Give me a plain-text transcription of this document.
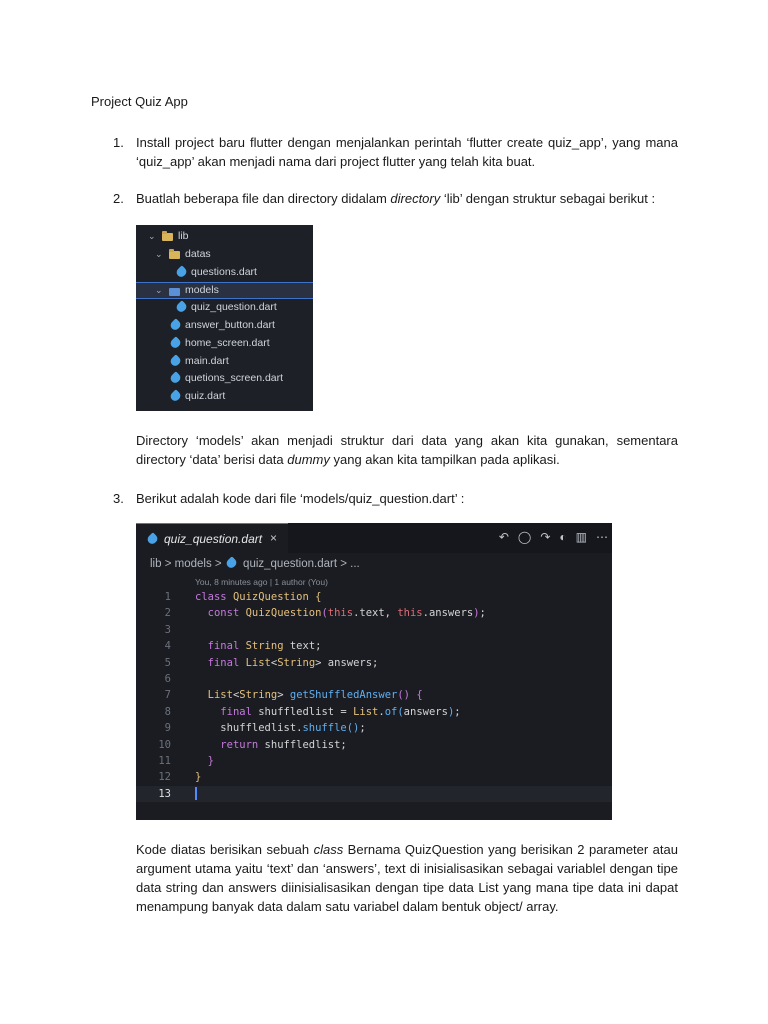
Project Quiz App
1. Install project baru flutter dengan menjalankan perintah ‘flutter create quiz_app’, yang mana ‘quiz_app’ akan menjadi nama dari project flutter yang telah kita buat.
2. Buatlah beberapa file dan directory didalam directory ‘lib’ dengan struktur sebagai berikut :
⌄ lib
⌄ datas
questions.dart
⌄ models
quiz_question.dart
answer_button.dart
home_screen.dart
main.dart
quetions_screen.dart
quiz.dart
Directory ‘models’ akan menjadi struktur dari data yang akan kita gunakan, sementara directory ‘data’ berisi data dummy yang akan kita tampilkan pada aplikasi.
3. Berikut adalah kode dari file ‘models/quiz_question.dart’ :
quiz_question.dart ×	↶ ◯ ↷ ◐ ▥ ⋯
lib > models > quiz_question.dart > ...
You, 8 minutes ago | 1 author (You)
1 class QuizQuestion {
2	const QuizQuestion(this.text, this.answers);
3
4	final String text;
5	final List<String> answers;
6
7	List<String> getShuffledAnswer() {
8	final shuffledlist = List.of(answers);
9 shuffledlist.shuffle();
10	return shuffledlist;
11	}
12 }
13
Kode diatas berisikan sebuah class Bernama QuizQuestion yang berisikan 2 parameter atau argument utama yaitu ‘text’ dan ‘answers’, text di inisialisasikan sebagai variablel dengan tipe data string dan answers diinisialisasikan dengan tipe data List yang mana tipe data ini dapat menampung banyak data dalam satu variabel dalam bentuk object/ array.
